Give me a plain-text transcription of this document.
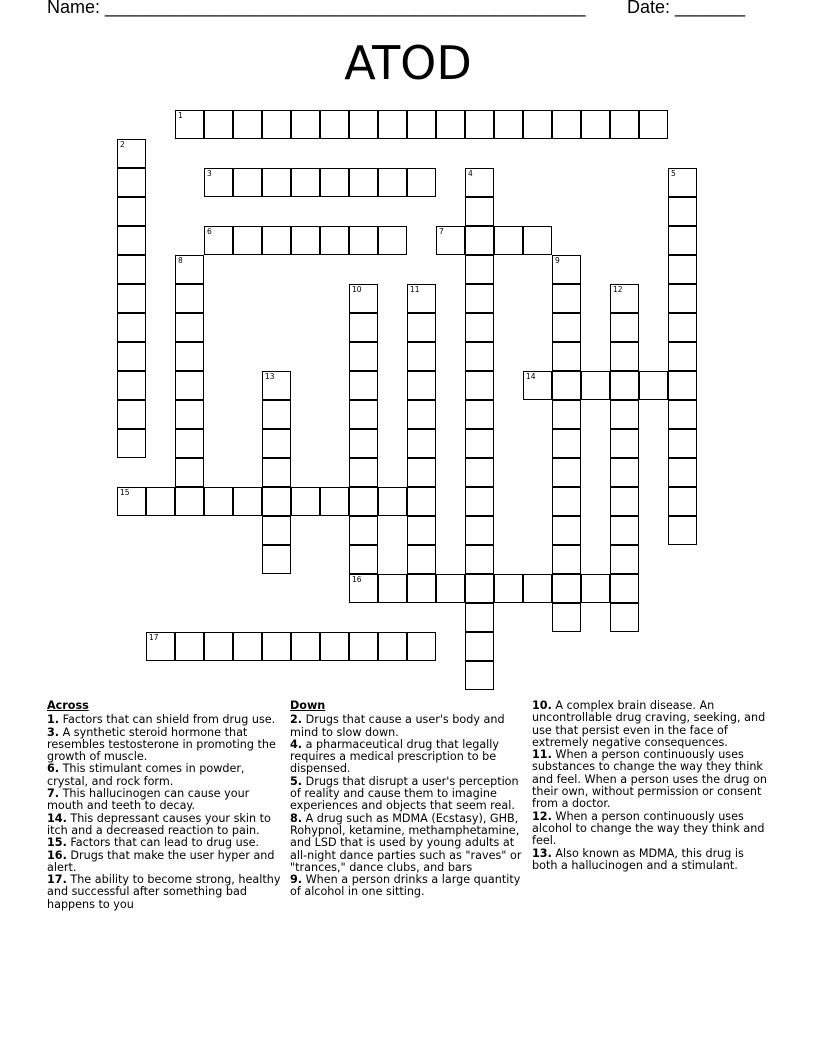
Name: ________________________________________________ Date: _______
ATOD
1
2
3	4	5
6	7
8	9
10	11	12
13	14
15
16
17
Across
1. Factors that can shield from drug use.
3. A synthetic steroid hormone that resembles testosterone in promoting the growth of muscle.
6. This stimulant comes in powder, crystal, and rock form.
7. This hallucinogen can cause your mouth and teeth to decay.
14. This depressant causes your skin to itch and a decreased reaction to pain.
15. Factors that can lead to drug use.
16. Drugs that make the user hyper and alert.
17. The ability to become strong, healthy and successful after something bad happens to you
Down
2. Drugs that cause a user's body and mind to slow down.
4. a pharmaceutical drug that legally requires a medical prescription to be dispensed.
5. Drugs that disrupt a user's perception of reality and cause them to imagine experiences and objects that seem real.
8. A drug such as MDMA (Ecstasy), GHB, Rohypnol, ketamine, methamphetamine, and LSD that is used by young adults at all-night dance parties such as "raves" or "trances," dance clubs, and bars
9. When a person drinks a large quantity of alcohol in one sitting.
10. A complex brain disease. An uncontrollable drug craving, seeking, and use that persist even in the face of extremely negative consequences.
11. When a person continuously uses substances to change the way they think and feel. When a person uses the drug on their own, without permission or consent from a doctor.
12. When a person continuously uses alcohol to change the way they think and feel.
13. Also known as MDMA, this drug is both a hallucinogen and a stimulant.
